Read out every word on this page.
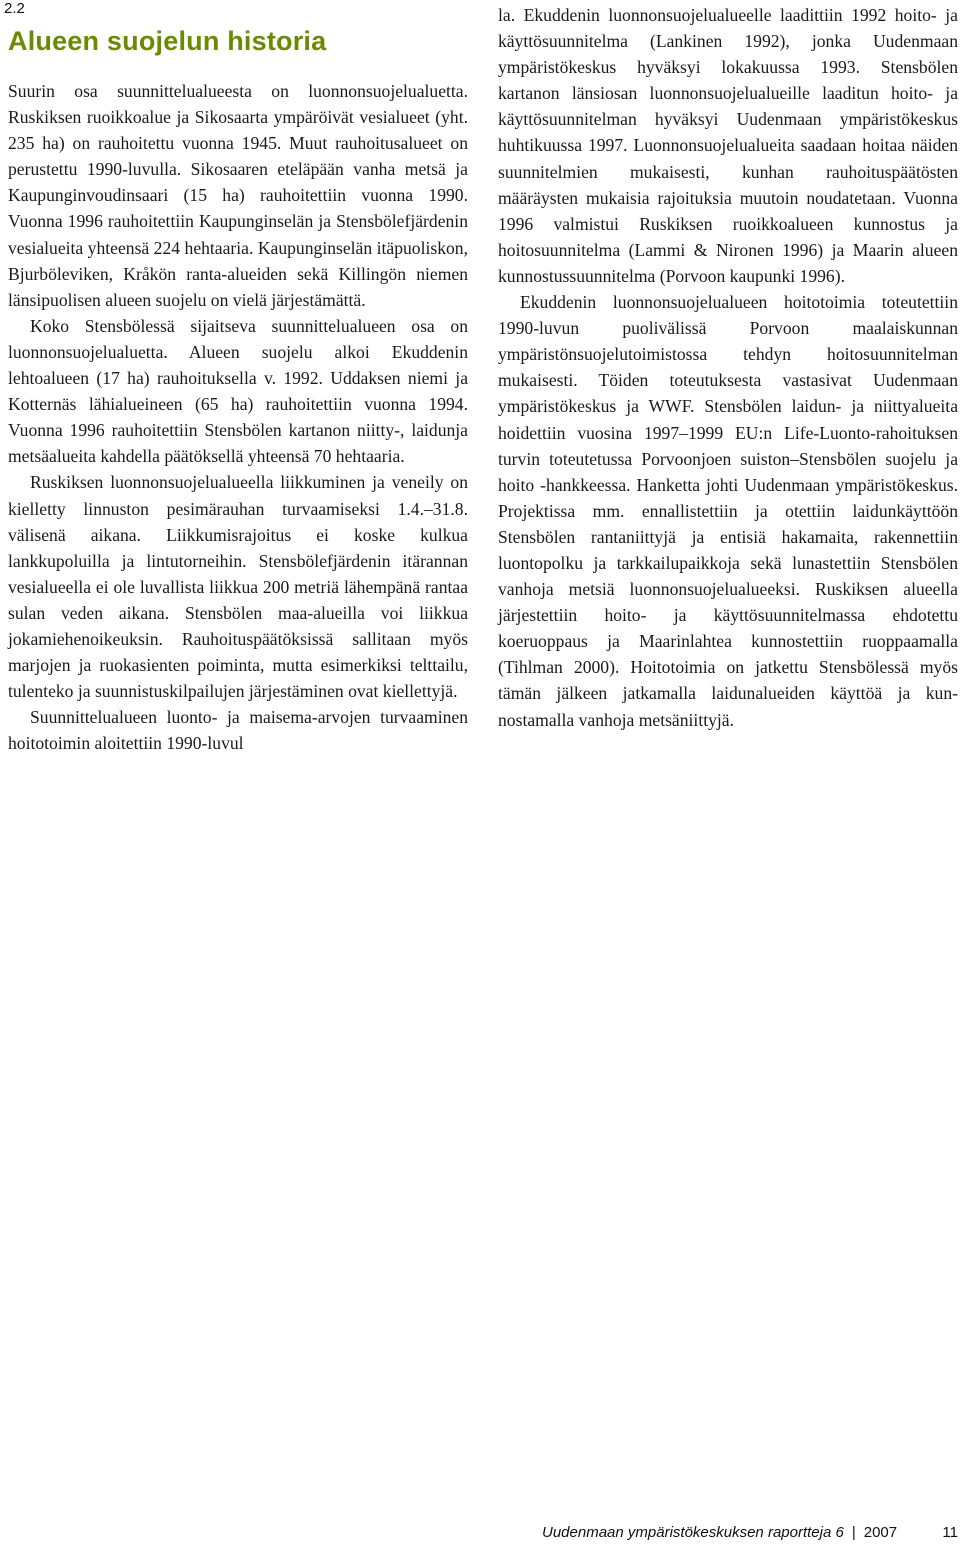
2.2
Alueen suojelun historia

Suurin osa suunnittelualueesta on luonnonsuojelualuetta. Ruskiksen ruoikkoalue ja Sikosaarta ympäröivät vesialueet (yht. 235 ha) on rauhoitettu vuonna 1945. Muut rauhoitusalueet on perustettu 1990-luvulla. Sikosaaren eteläpään vanha metsä ja Kaupunginvoudinsaari (15 ha) rauhoitettiin vuonna 1990. Vuonna 1996 rauhoitettiin Kaupunginselän ja Stensbölefjärdenin vesialueita yhteensä 224 hehtaaria. Kaupunginselän itäpuoliskon, Bjurböleviken, Kråkön ranta-alueiden sekä Killingön niemen länsipuolisen alueen suojelu on vielä järjestämättä.

Koko Stensbölessä sijaitseva suunnittelualueen osa on luonnonsuojelualuetta. Alueen suojelu alkoi Ekuddenin lehtoalueen (17 ha) rauhoituksella v. 1992. Uddaksen niemi ja Kotternäs lähialueineen (65 ha) rauhoitettiin vuonna 1994. Vuonna 1996 rauhoitettiin Stensbölen kartanon niitty-, laidunja metsäalueita kahdella päätöksellä yhteensä 70 hehtaaria.

Ruskiksen luonnonsuojelualueella liikkuminen ja veneily on kielletty linnuston pesimärauhan turvaamiseksi 1.4.–31.8. välisenä aikana. Liikkumisrajoitus ei koske kulkua lankkupoluilla ja lintutorneihin. Stensbölefjärdenin itärannan vesialueella ei ole luvallista liikkua 200 metriä lähempänä rantaa sulan veden aikana. Stensbölen maa-alueilla voi liikkua jokamiehenoikeuksin. Rauhoituspäätöksissä sallitaan myös marjojen ja ruokasienten poiminta, mutta esimerkiksi telttailu, tulenteko ja suunnistuskilpailujen järjestäminen ovat kiellettyjä.

Suunnittelualueen luonto- ja maisema-arvojen turvaaminen hoitotoimin aloitettiin 1990-luvul

la. Ekuddenin luonnonsuojelualueelle laadittiin 1992 hoito- ja käyttösuunnitelma (Lankinen 1992), jonka Uudenmaan ympäristökeskus hyväksyi lokakuussa 1993. Stensbölen kartanon länsiosan luonnonsuojelualueille laaditun hoito- ja käyttösuunnitelman hyväksyi Uudenmaan ympäristökeskus huhtikuussa 1997. Luonnonsuojelualueita saadaan hoitaa näiden suunnitelmien mukaisesti, kunhan rauhoituspäätösten määräysten mukaisia rajoituksia muutoin noudatetaan. Vuonna 1996 valmistui Ruskiksen ruoikkoalueen kunnostus ja hoitosuunnitelma (Lammi & Nironen 1996) ja Maarin alueen kunnostussuunnitelma (Porvoon kaupunki 1996).

Ekuddenin luonnonsuojelualueen hoitotoimia toteutettiin 1990-luvun puolivälissä Porvoon maalaiskunnan ympäristönsuojelutoimistossa tehdyn hoitosuunnitelman mukaisesti. Töiden toteutuksesta vastasivat Uudenmaan ympäristökeskus ja WWF. Stensbölen laidun- ja niittyalueita hoidettiin vuosina 1997–1999 EU:n Life-Luonto-rahoituksen turvin toteutetussa Porvoonjoen suiston–Stensbölen suojelu ja hoito -hankkeessa. Hanketta johti Uudenmaan ympäristökeskus. Projektissa mm. ennallistettiin ja otettiin laidunkäyttöön Stensbölen rantaniittyjä ja entisiä hakamaita, rakennettiin luontopolku ja tarkkailupaikkoja sekä lunastettiin Stensbölen vanhoja metsiä luonnonsuojelualueeksi. Ruskiksen alueella järjestettiin hoito- ja käyttösuunnitelmassa ehdotettu koeruoppaus ja Maarinlahtea kunnostettiin ruoppaamalla (Tihlman 2000). Hoitotoimia on jatkettu Stensbölessä myös tämän jälkeen jatkamalla laidunalueiden käyttöä ja kunnostamalla vanhoja metsäniittyjä.

Uudenmaan ympäristökeskuksen raportteja 6 | 2007	11
